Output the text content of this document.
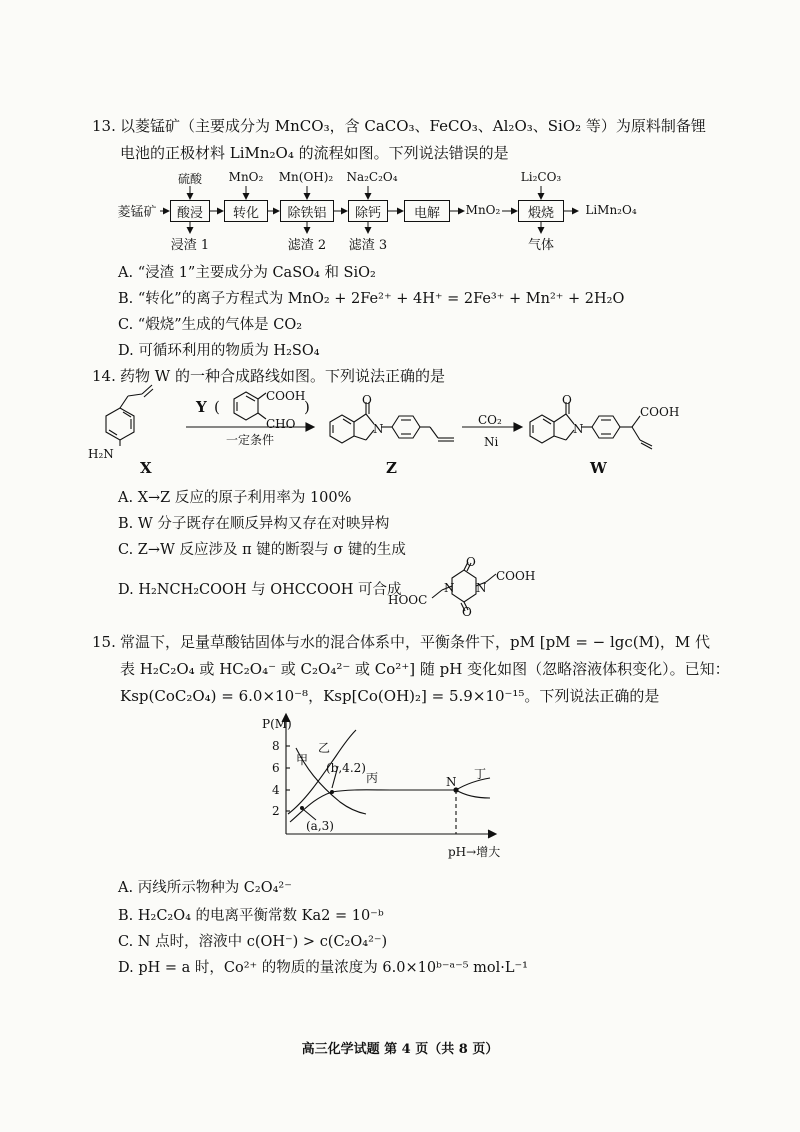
13. 以菱锰矿（主要成分为 MnCO₃，含 CaCO₃、FeCO₃、Al₂O₃、SiO₂ 等）为原料制备锂
电池的正极材料 LiMn₂O₄ 的流程如图。下列说法错误的是
硫酸	MnO₂	Mn(OH)₂	Na₂C₂O₄	Li₂CO₃
菱锰矿	酸浸	转化	除铁铝	除钙	电解	MnO₂	煅烧	LiMn₂O₄
浸渣 1	滤渣 2	滤渣 3	气体
A. “浸渣 1”主要成分为 CaSO₄ 和 SiO₂
B. “转化”的离子方程式为 MnO₂ + 2Fe²⁺ + 4H⁺ = 2Fe³⁺ + Mn²⁺ + 2H₂O
C. “煅烧”生成的气体是 CO₂
D. 可循环利用的物质为 H₂SO₄
14. 药物 W 的一种合成路线如图。下列说法正确的是
H₂N
X
Y (
COOH
CHO
)
一定条件
O
N
Z
CO₂
Ni
O
N
COOH
W
A. X→Z 反应的原子利用率为 100%
B. W 分子既存在顺反异构又存在对映异构
C. Z→W 反应涉及 π 键的断裂与 σ 键的生成
D. H₂NCH₂COOH 与 OHCCOOH 可合成
HOOC
N N
O
O
COOH
15. 常温下，足量草酸钴固体与水的混合体系中，平衡条件下，pM [pM = − lgc(M)，M 代
表 H₂C₂O₄ 或 HC₂O₄⁻ 或 C₂O₄²⁻ 或 Co²⁺] 随 pH 变化如图（忽略溶液体积变化）。已知：
Ksp(CoC₂O₄) = 6.0×10⁻⁸，Ksp[Co(OH)₂] = 5.9×10⁻¹⁵。下列说法正确的是
P(M)
8
6
4
2
甲
乙
丙	丁
(b,4.2)
(a,3)
N
pH→增大
A. 丙线所示物种为 C₂O₄²⁻
B. H₂C₂O₄ 的电离平衡常数 Ka2 = 10⁻ᵇ
C. N 点时，溶液中 c(OH⁻) > c(C₂O₄²⁻)
D. pH = a 时，Co²⁺ 的物质的量浓度为 6.0×10ᵇ⁻ᵃ⁻⁵ mol·L⁻¹
高三化学试题 第 4 页（共 8 页）
